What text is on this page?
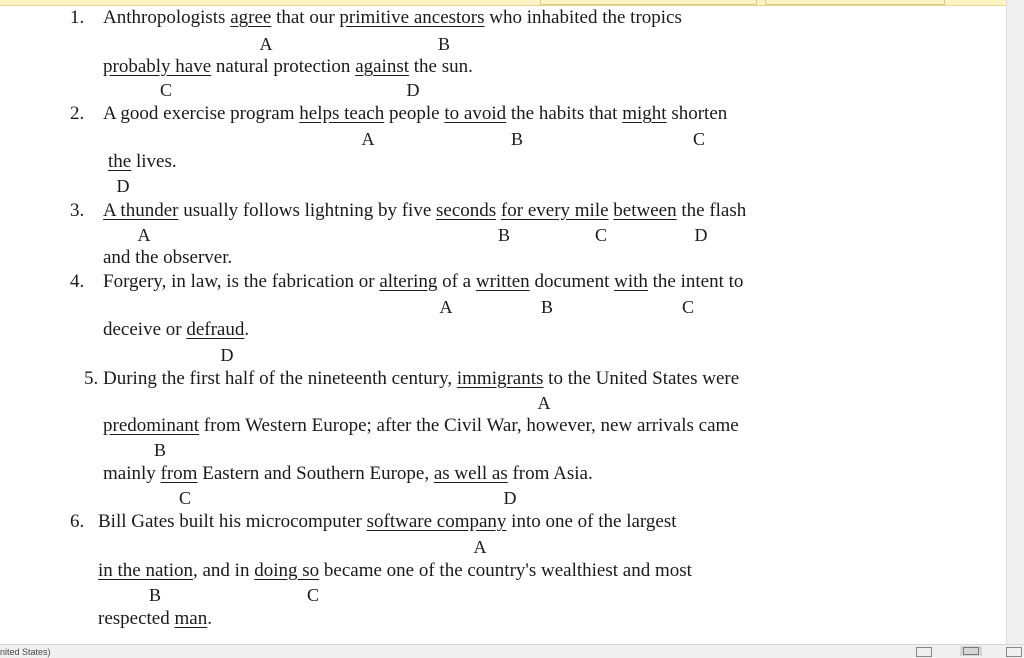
1. Anthropologists agree that our primitive ancestors who inhabited the tropics
A	B
probably have natural protection against the sun.
C	D
2. A good exercise program helps teach people to avoid the habits that might shorten
A	B	C
the lives.
D
3. A thunder usually follows lightning by five seconds for every mile between the flash
A	B	C	D
and the observer.
4. Forgery, in law, is the fabrication or altering of a written document with the intent to
A	B	C
deceive or defraud.
D
5. During the first half of the nineteenth century, immigrants to the United States were
A
predominant from Western Europe; after the Civil War, however, new arrivals came
B
mainly from Eastern and Southern Europe, as well as from Asia.
C	D
6. Bill Gates built his microcomputer software company into one of the largest
A
in the nation, and in doing so became one of the country's wealthiest and most
B	C
respected man.
nited States)
